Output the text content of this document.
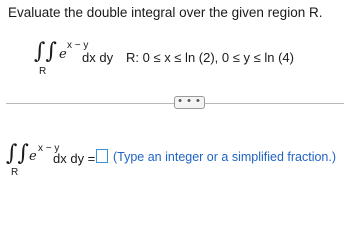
Evaluate the double integral over the given region R.
∫∫ e
x − y
dx dy
R
R: 0 ≤ x ≤ ln (2), 0 ≤ y ≤ ln (4)
• • •
∫∫ e
x − y
dx dy =
R
(Type an integer or a simplified fraction.)
